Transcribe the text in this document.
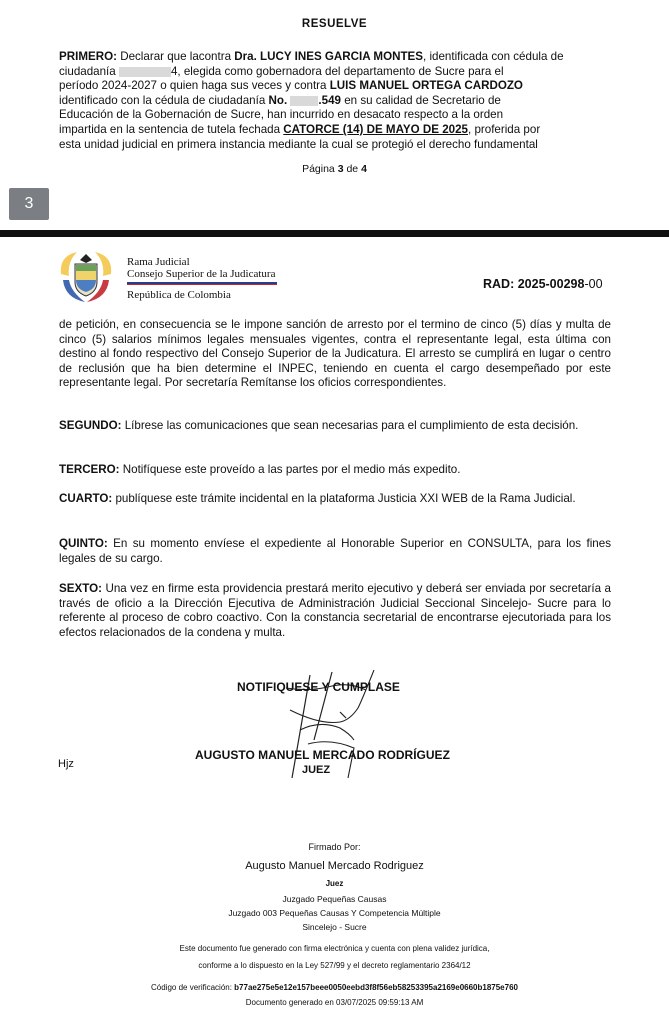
RESUELVE
PRIMERO: Declarar que lacontra Dra. LUCY INES GARCIA MONTES, identificada con cédula de
ciudadanía	4, elegida como gobernadora del departamento de Sucre para el
período 2024-2027 o quien haga sus veces y contra LUIS MANUEL ORTEGA CARDOZO
identificado con la cédula de ciudadanía No.	.549 en su calidad de Secretario de
Educación de la Gobernación de Sucre, han incurrido en desacato respecto a la orden
impartida en la sentencia de tutela fechada CATORCE (14) DE MAYO DE 2025, proferida por
esta unidad judicial en primera instancia mediante la cual se protegió el derecho fundamental
Página 3 de 4
3
Rama Judicial
Consejo Superior de la Judicatura
República de Colombia
RAD: 2025-00298-00
de petición, en consecuencia se le impone sanción de arresto por el termino de cinco (5) días y multa de cinco (5) salarios mínimos legales mensuales vigentes, contra el representante legal, esta última con destino al fondo respectivo del Consejo Superior de la Judicatura. El arresto se cumplirá en lugar o centro de reclusión que ha bien determine el INPEC, teniendo en cuenta el cargo desempeñado por este representante legal. Por secretaría Remítanse los oficios correspondientes.
SEGUNDO: Líbrese las comunicaciones que sean necesarias para el cumplimiento de esta decisión.
TERCERO: Notifíquese este proveído a las partes por el medio más expedito.
CUARTO: publíquese este trámite incidental en la plataforma Justicia XXI WEB de la Rama Judicial.
QUINTO: En su momento envíese el expediente al Honorable Superior en CONSULTA, para los fines legales de su cargo.
SEXTO: Una vez en firme esta providencia prestará merito ejecutivo y deberá ser enviada por secretaría a través de oficio a la Dirección Ejecutiva de Administración Judicial Seccional Sincelejo- Sucre para lo referente al proceso de cobro coactivo. Con la constancia secretarial de encontrarse ejecutoriada para los efectos relacionados de la condena y multa.
NOTIFIQUESE Y CUMPLASE
AUGUSTO MANUEL MERCADO RODRÍGUEZ
JUEZ
Hjz
Firmado Por:
Augusto Manuel Mercado Rodriguez
Juez
Juzgado Pequeñas Causas
Juzgado 003 Pequeñas Causas Y Competencia Múltiple
Sincelejo - Sucre
Este documento fue generado con firma electrónica y cuenta con plena validez jurídica,
conforme a lo dispuesto en la Ley 527/99 y el decreto reglamentario 2364/12
Código de verificación: b77ae275e5e12e157beee0050eebd3f8f56eb58253395a2169e0660b1875e760
Documento generado en 03/07/2025 09:59:13 AM
